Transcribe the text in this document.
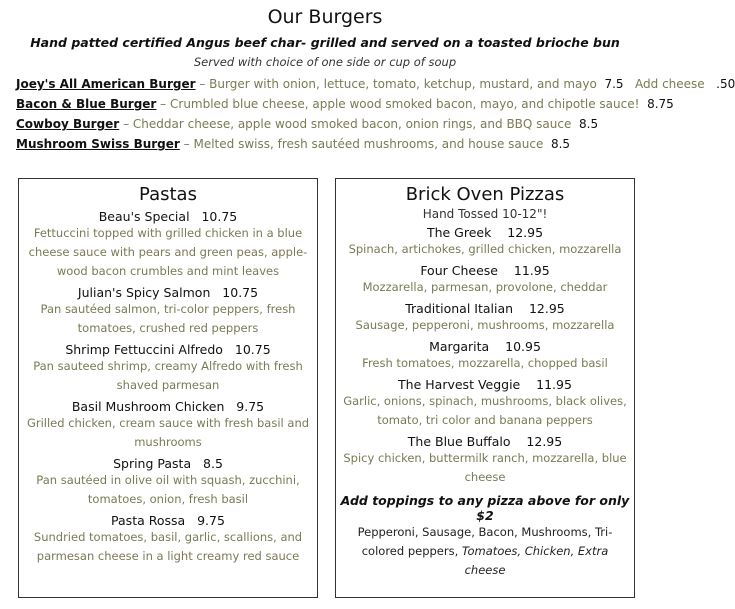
Our Burgers
Hand patted certified Angus beef char- grilled and served on a toasted brioche bun
Served with choice of one side or cup of soup
Joey's All American Burger – Burger with onion, lettuce, tomato, ketchup, mustard, and mayo 7.5 Add cheese .50
Bacon & Blue Burger – Crumbled blue cheese, apple wood smoked bacon, mayo, and chipotle sauce! 8.75
Cowboy Burger – Cheddar cheese, apple wood smoked bacon, onion rings, and BBQ sauce 8.5
Mushroom Swiss Burger – Melted swiss, fresh sautéed mushrooms, and house sauce 8.5
Pastas
Beau's Special 10.75
Fettuccini topped with grilled chicken in a blue cheese sauce with pears and green peas, apple-wood bacon crumbles and mint leaves
Julian's Spicy Salmon 10.75
Pan sautéed salmon, tri-color peppers, fresh tomatoes, crushed red peppers
Shrimp Fettuccini Alfredo 10.75
Pan sauteed shrimp, creamy Alfredo with fresh shaved parmesan
Basil Mushroom Chicken 9.75
Grilled chicken, cream sauce with fresh basil and mushrooms
Spring Pasta 8.5
Pan sautéed in olive oil with squash, zucchini, tomatoes, onion, fresh basil
Pasta Rossa 9.75
Sundried tomatoes, basil, garlic, scallions, and parmesan cheese in a light creamy red sauce
Brick Oven Pizzas
Hand Tossed 10-12"!
The Greek 12.95
Spinach, artichokes, grilled chicken, mozzarella
Four Cheese 11.95
Mozzarella, parmesan, provolone, cheddar
Traditional Italian 12.95
Sausage, pepperoni, mushrooms, mozzarella
Margarita 10.95
Fresh tomatoes, mozzarella, chopped basil
The Harvest Veggie 11.95
Garlic, onions, spinach, mushrooms, black olives, tomato, tri color and banana peppers
The Blue Buffalo 12.95
Spicy chicken, buttermilk ranch, mozzarella, blue cheese
Add toppings to any pizza above for only $2
Pepperoni, Sausage, Bacon, Mushrooms, Tri-colored peppers, Tomatoes, Chicken, Extra cheese
